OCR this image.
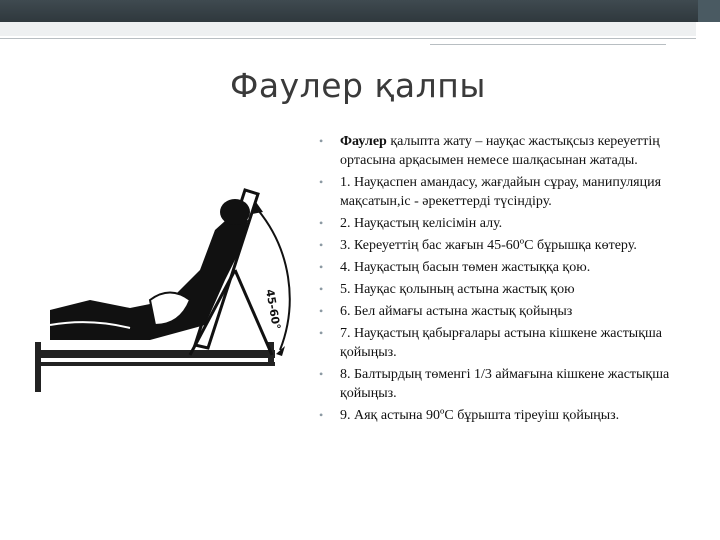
Фаулер қалпы
45-60°
• Фаулер қалыпта жату – науқас жастықсыз кереуеттің ортасына арқасымен немесе шалқасынан жатады.
• 1. Науқаспен амандасу, жағдайын сұрау, манипуляция мақсатын,іс - әрекеттерді түсіндіру.
• 2. Науқастың келісімін алу.
• 3. Кереуеттің бас жағын 45-60ºС бұрышқа көтеру.
• 4. Науқастың басын төмен жастыққа қою.
• 5. Науқас қолының астына жастық қою
• 6. Бел аймағы астына жастық қойыңыз
• 7. Науқастың қабырғалары астына кішкене жастықша қойыңыз.
• 8. Балтырдың төменгі 1/3 аймағына кішкене жастықша қойыңыз.
• 9. Аяқ астына 90ºС бұрышта тіреуіш қойыңыз.
